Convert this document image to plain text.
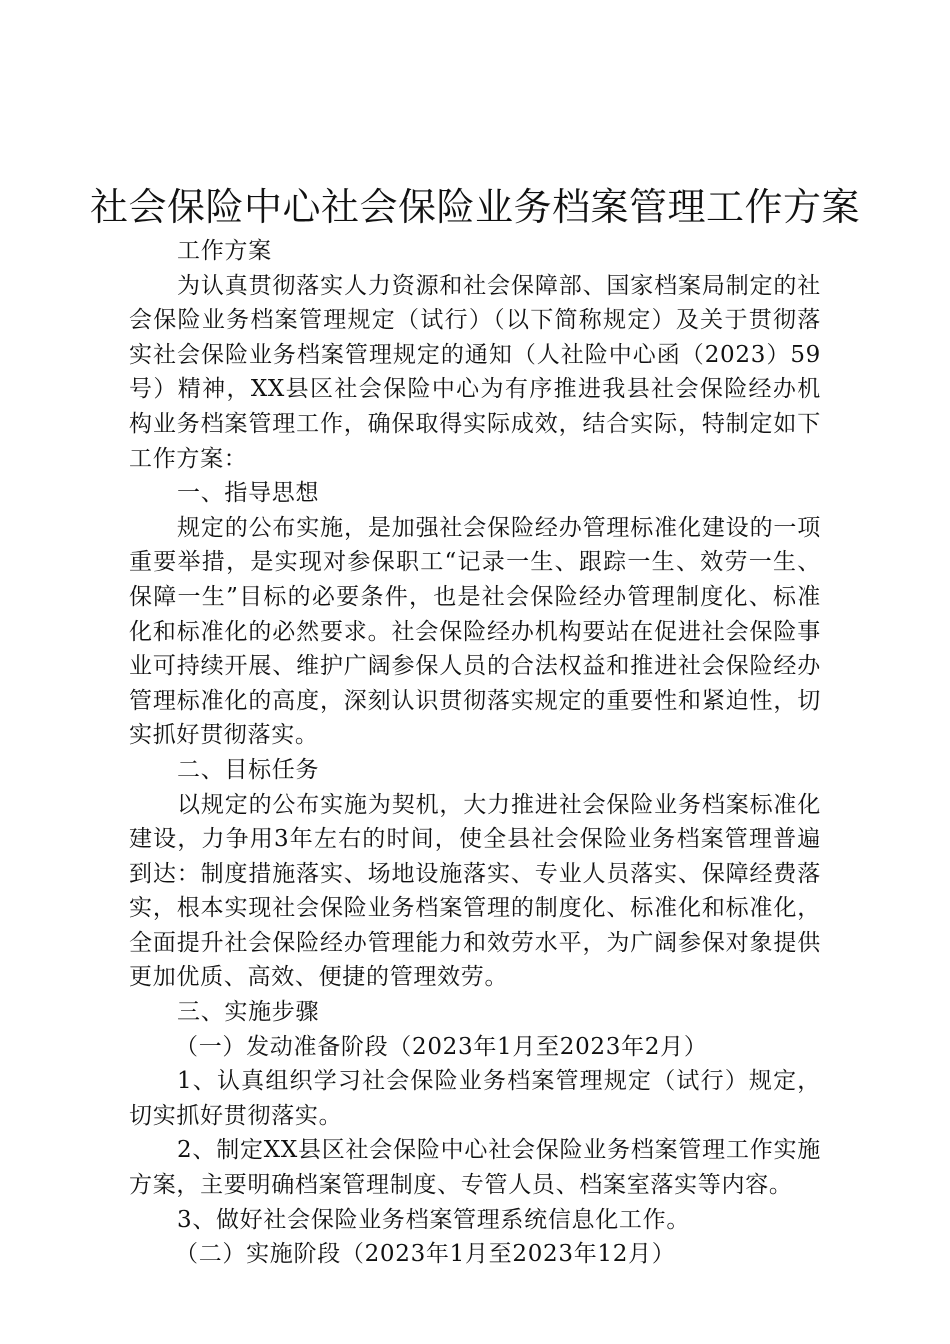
社会保险中心社会保险业务档案管理工作方案

工作方案

为认真贯彻落实人力资源和社会保障部、国家档案局制定的社会保险业务档案管理规定（试行）（以下简称规定）及关于贯彻落实社会保险业务档案管理规定的通知（人社险中心函（2023）59号）精神，XX县区社会保险中心为有序推进我县社会保险经办机构业务档案管理工作，确保取得实际成效，结合实际，特制定如下工作方案：

一、指导思想

规定的公布实施，是加强社会保险经办管理标准化建设的一项重要举措，是实现对参保职工“记录一生、跟踪一生、效劳一生、保障一生”目标的必要条件，也是社会保险经办管理制度化、标准化和标准化的必然要求。社会保险经办机构要站在促进社会保险事业可持续开展、维护广阔参保人员的合法权益和推进社会保险经办管理标准化的高度，深刻认识贯彻落实规定的重要性和紧迫性，切实抓好贯彻落实。

二、目标任务

以规定的公布实施为契机，大力推进社会保险业务档案标准化建设，力争用3年左右的时间，使全县社会保险业务档案管理普遍到达：制度措施落实、场地设施落实、专业人员落实、保障经费落实，根本实现社会保险业务档案管理的制度化、标准化和标准化，全面提升社会保险经办管理能力和效劳水平，为广阔参保对象提供更加优质、高效、便捷的管理效劳。

三、实施步骤

（一）发动准备阶段（2023年1月至2023年2月）

1、认真组织学习社会保险业务档案管理规定（试行）规定，切实抓好贯彻落实。

2、制定XX县区社会保险中心社会保险业务档案管理工作实施方案，主要明确档案管理制度、专管人员、档案室落实等内容。

3、做好社会保险业务档案管理系统信息化工作。

（二）实施阶段（2023年1月至2023年12月）
